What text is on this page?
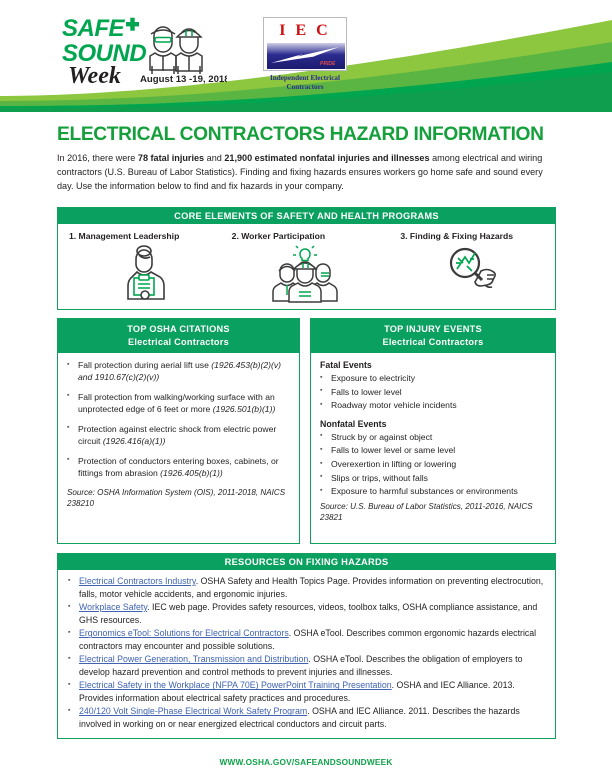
SAFE
SOUND
Week August 13 -19, 2018
I E C
PRIDE
Independent Electrical
Contractors
ELECTRICAL CONTRACTORS HAZARD INFORMATION

In 2016, there were 78 fatal injuries and 21,900 estimated nonfatal injuries and illnesses among electrical and wiring contractors (U.S. Bureau of Labor Statistics). Finding and fixing hazards ensures workers go home safe and sound every day. Use the information below to find and fix hazards in your company.

CORE ELEMENTS OF SAFETY AND HEALTH PROGRAMS
1. Management Leadership	2. Worker Participation	3. Finding & Fixing Hazards
TOP OSHA CITATIONS
Electrical Contractors
▪ Fall protection during aerial lift use (1926.453(b)(2)(v) and 1910.67(c)(2)(v))
▪ Fall protection from walking/working surface with an unprotected edge of 6 feet or more (1926.501(b)(1))
▪ Protection against electric shock from electric power circuit (1926.416(a)(1))
▪ Protection of conductors entering boxes, cabinets, or fittings from abrasion (1926.405(b)(1))
Source: OSHA Information System (OIS), 2011-2018, NAICS 238210
TOP INJURY EVENTS
Electrical Contractors
Fatal Events
▪ Exposure to electricity
▪ Falls to lower level
▪ Roadway motor vehicle incidents
Nonfatal Events
▪ Struck by or against object
▪ Falls to lower level or same level
▪ Overexertion in lifting or lowering
▪ Slips or trips, without falls
▪ Exposure to harmful substances or environments
Source: U.S. Bureau of Labor Statistics, 2011-2016, NAICS 23821
RESOURCES ON FIXING HAZARDS
▪ Electrical Contractors Industry. OSHA Safety and Health Topics Page. Provides information on preventing electrocution, falls, motor vehicle accidents, and ergonomic injuries.
▪ Workplace Safety. IEC web page. Provides safety resources, videos, toolbox talks, OSHA compliance assistance, and GHS resources.
▪ Ergonomics eTool: Solutions for Electrical Contractors. OSHA eTool. Describes common ergonomic hazards electrical contractors may encounter and possible solutions.
▪ Electrical Power Generation, Transmission and Distribution. OSHA eTool. Describes the obligation of employers to develop hazard prevention and control methods to prevent injuries and illnesses.
▪ Electrical Safety in the Workplace (NFPA 70E) PowerPoint Training Presentation. OSHA and IEC Alliance. 2013. Provides information about electrical safety practices and procedures.
▪ 240/120 Volt Single-Phase Electrical Work Safety Program. OSHA and IEC Alliance. 2011. Describes the hazards involved in working on or near energized electrical conductors and circuit parts.
WWW.OSHA.GOV/SAFEANDSOUNDWEEK
